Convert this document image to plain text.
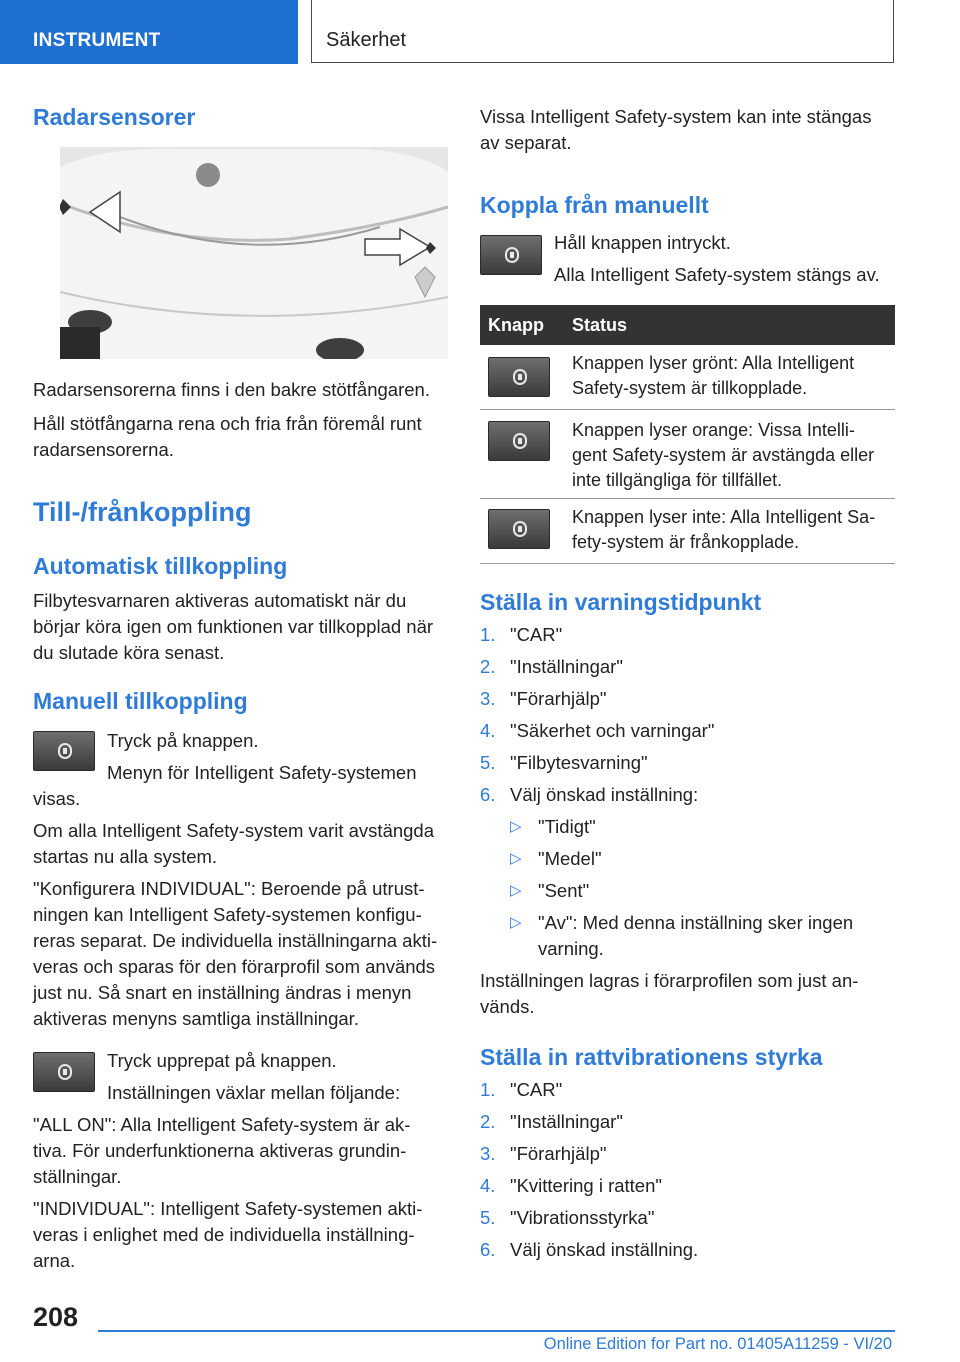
INSTRUMENT	Säkerhet
Radarsensorer
Radarsensorerna finns i den bakre stötfångaren.
Håll stötfångarna rena och fria från föremål runt
radarsensorerna.
Till-/frånkoppling
Automatisk tillkoppling
Filbytesvarnaren aktiveras automatiskt när du
börjar köra igen om funktionen var tillkopplad när
du slutade köra senast.
Manuell tillkoppling
Tryck på knappen.
Menyn för Intelligent Safety-systemen
visas.
Om alla Intelligent Safety-system varit avstängda
startas nu alla system.
"Konfigurera INDIVIDUAL": Beroende på utrust-
ningen kan Intelligent Safety-systemen konfigu-
reras separat. De individuella inställningarna akti-
veras och sparas för den förarprofil som används
just nu. Så snart en inställning ändras i menyn
aktiveras menyns samtliga inställningar.
Tryck upprepat på knappen.
Inställningen växlar mellan följande:
"ALL ON": Alla Intelligent Safety-system är ak-
tiva. För underfunktionerna aktiveras grundin-
ställningar.
"INDIVIDUAL": Intelligent Safety-systemen akti-
veras i enlighet med de individuella inställning-
arna.
Vissa Intelligent Safety-system kan inte stängas
av separat.
Koppla från manuellt
Håll knappen intryckt.
Alla Intelligent Safety-system stängs av.
Knapp	Status

	Knappen lyser grönt: Alla Intelligent
Safety-system är tillkopplade.

	Knappen lyser orange: Vissa Intelli-
gent Safety-system är avstängda eller
inte tillgängliga för tillfället.

	Knappen lyser inte: Alla Intelligent Sa-
fety-system är frånkopplade.
Ställa in varningstidpunkt
1. "CAR"
2. "Inställningar"
3. "Förarhjälp"
4. "Säkerhet och varningar"
5. "Filbytesvarning"
6. Välj önskad inställning:
▷ "Tidigt"
▷ "Medel"
▷ "Sent"
▷ "Av": Med denna inställning sker ingen
varning.
Inställningen lagras i förarprofilen som just an-
vänds.
Ställa in rattvibrationens styrka
1. "CAR"
2. "Inställningar"
3. "Förarhjälp"
4. "Kvittering i ratten"
5. "Vibrationsstyrka"
6. Välj önskad inställning.
208
Online Edition for Part no. 01405A11259 - VI/20
